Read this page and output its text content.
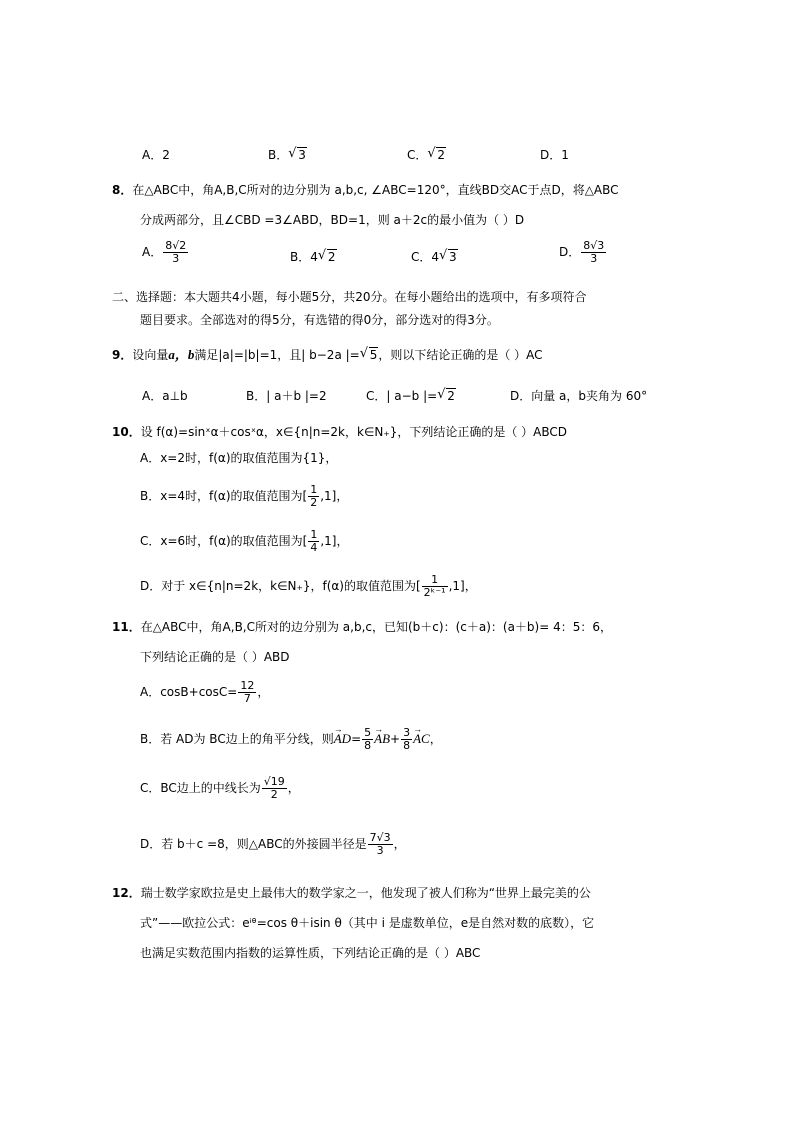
A．2	B．√ 3	C．√ 2	D．1
8．在△ABC中，角A,B,C所对的边分别为 a,b,c, ∠ABC=120°，直线BD交AC于点D，将△ABC
分成两部分，且∠CBD =3∠ABD，BD=1，则 a＋2c的最小值为（ ）D
A． $\frac{8√2}{3}$	B．4√ 2	C．4√ 3	D． $\frac{8√3}{3}$
二、选择题：本大题共4小题，每小题5分，共20分。在每小题给出的选项中，有多项符合
题目要求。全部选对的得5分，有选错的得0分，部分选对的得3分。
9．设向量a，b满足|a|=|b|=1，且| b−2a |=√ 5，则以下结论正确的是（ ）AC
A．a⊥b	B．| a＋b |=2	C．| a−b |=√ 2	D．向量 a，b夹角为 60°
10．设 f(α)=sinˣα＋cosˣα，x∈{n|n=2k，k∈N₊}，下列结论正确的是（ ）ABCD
A．x=2时，f(α)的取值范围为{1}，
B．x=4时，f(α)的取值范围为[ $\frac{1}{2} ,1$]，
C．x=6时，f(α)的取值范围为[ $\frac{1}{4} ,1$]，
D．对于 x∈{n|n=2k，k∈N₊}，f(α)的取值范围为[ $\frac{1}{\text{2ᵏ⁻¹}} ,1$]，
11．在△ABC中，角A,B,C所对的边分别为 a,b,c，已知(b＋c)：(c＋a)：(a＋b)= 4：5：6，
下列结论正确的是（ ）ABD
A．$\cos B+\cos C= \frac{12}{7}$ ，
B．若 AD为 BC边上的角平分线，则→ $AD= \frac{5}{8}$
→ $AB+ \frac{3}{8}$
→ AC，
C．BC边上的中线长为 $\frac{√19}{2}$ ，
D．若 b＋c =8，则△ABC的外接圆半径是 $\frac{7√3}{3}$ ，
12．瑞士数学家欧拉是史上最伟大的数学家之一，他发现了被人们称为“世界上最完美的公
式”——欧拉公式：eⁱᶿ=cos θ＋isin θ（其中 i 是虚数单位，e是自然对数的底数），它
也满足实数范围内指数的运算性质，下列结论正确的是（ ）ABC
